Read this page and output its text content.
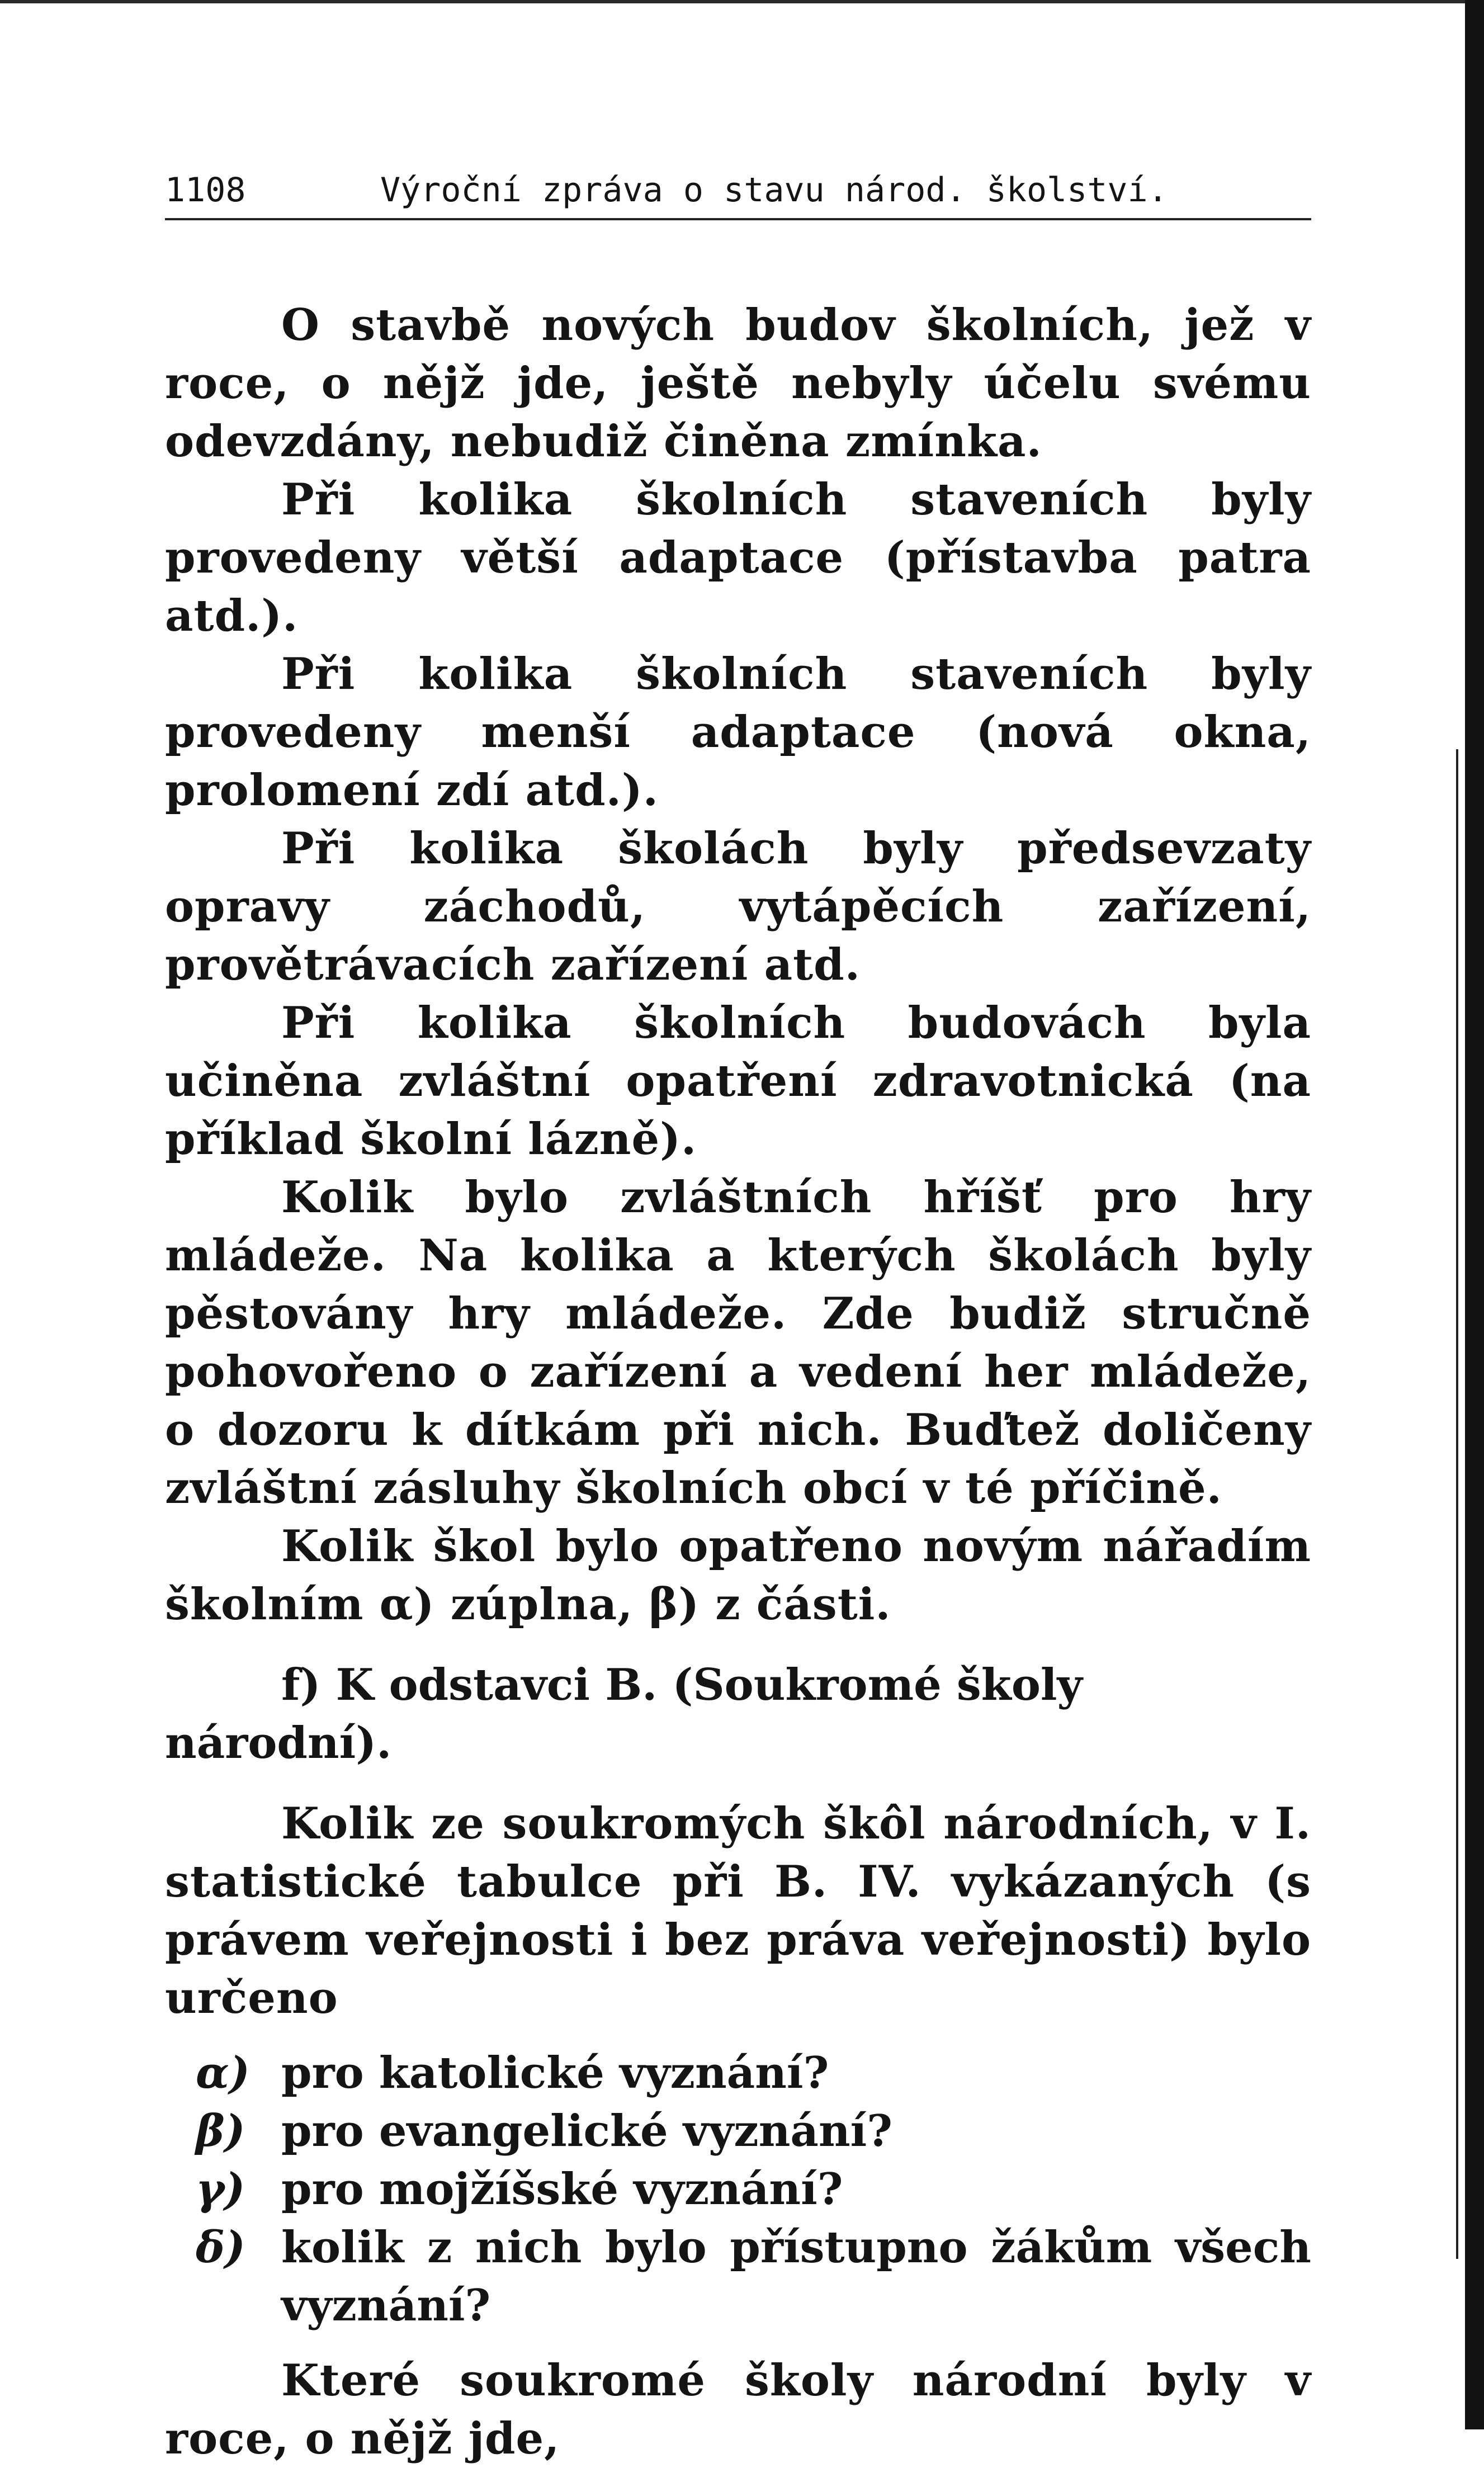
1108	Výroční zpráva o stavu národ. školství.

O stavbě nových budov školních, jež v roce, o nějž jde, ještě nebyly účelu svému odevzdány, nebudiž činěna zmínka.

Při kolika školních staveních byly provedeny větší adaptace (přístavba patra atd.).

Při kolika školních staveních byly provedeny menší adaptace (nová okna, prolomení zdí atd.).

Při kolika školách byly předsevzaty opravy záchodů, vytápěcích zařízení, provětrávacích zařízení atd.

Při kolika školních budovách byla učiněna zvláštní opatření zdravotnická (na příklad školní lázně).

Kolik bylo zvláštních hříšť pro hry mládeže. Na kolika a kterých školách byly pěstovány hry mládeže. Zde budiž stručně pohovořeno o zařízení a vedení her mládeže, o dozoru k dítkám při nich. Buďtež doličeny zvláštní zásluhy školních obcí v té příčině.

Kolik škol bylo opatřeno novým nářadím školním α) zúplna, β) z části.

f) K odstavci B. (Soukromé školy národní).

Kolik ze soukromých škôl národních, v I. statistické tabulce při B. IV. vykázaných (s právem veřejnosti i bez práva veřejnosti) bylo určeno

α) pro katolické vyznání?
β) pro evangelické vyznání?
γ) pro mojžíšské vyznání?
δ) kolik z nich bylo přístupno žákům všech vyznání?

Které soukromé školy národní byly v roce, o nějž jde,
